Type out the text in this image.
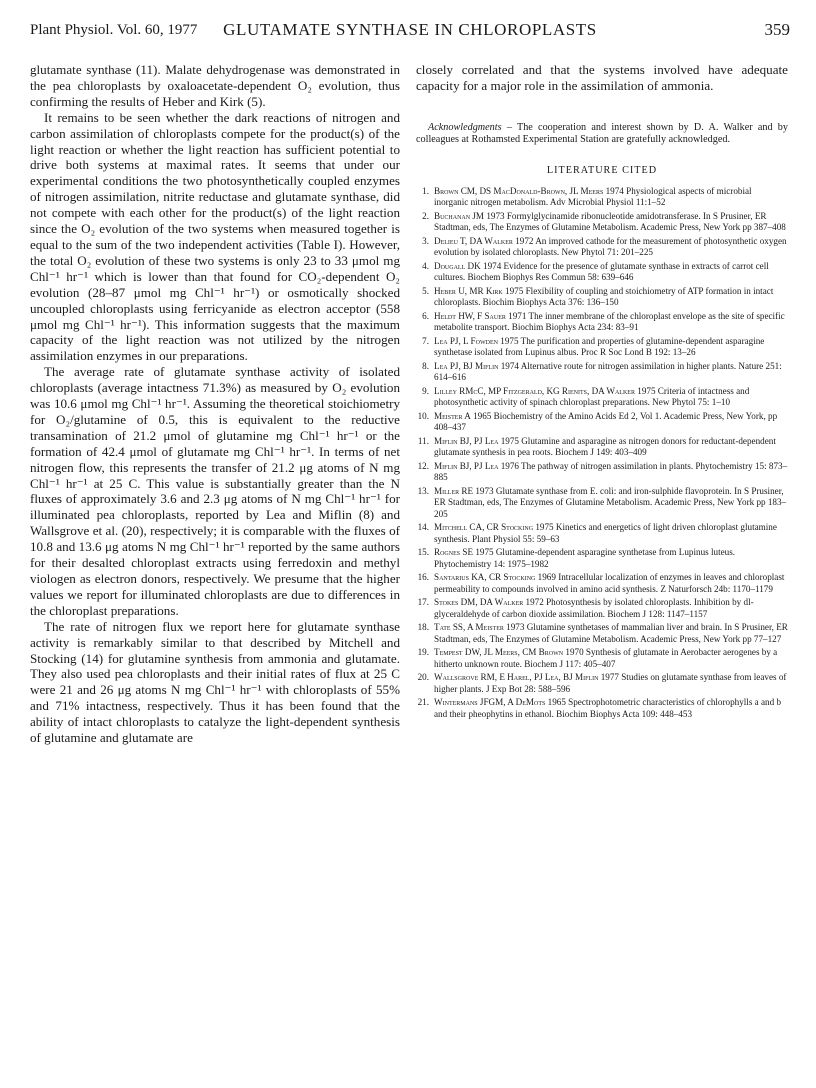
Plant Physiol. Vol. 60, 1977	GLUTAMATE SYNTHASE IN CHLOROPLASTS	359

glutamate synthase (11). Malate dehydrogenase was demonstrated in the pea chloroplasts by oxaloacetate-dependent O₂ evolution, thus confirming the results of Heber and Kirk (5).

It remains to be seen whether the dark reactions of nitrogen and carbon assimilation of chloroplasts compete for the product(s) of the light reaction or whether the light reaction has sufficient potential to drive both systems at maximal rates. It seems that under our experimental conditions the two photosynthetically coupled enzymes of nitrogen assimilation, nitrite reductase and glutamate synthase, did not compete with each other for the product(s) of the light reaction since the O₂ evolution of the two systems when measured together is equal to the sum of the two independent activities (Table I). However, the total O₂ evolution of these two systems is only 23 to 33 μmol mg Chl⁻¹ hr⁻¹ which is lower than that found for CO₂-dependent O₂ evolution (28–87 μmol mg Chl⁻¹ hr⁻¹) or osmotically shocked uncoupled chloroplasts using ferricyanide as electron acceptor (558 μmol mg Chl⁻¹ hr⁻¹). This information suggests that the maximum capacity of the light reaction was not utilized by the nitrogen assimilation enzymes in our preparations.

The average rate of glutamate synthase activity of isolated chloroplasts (average intactness 71.3%) as measured by O₂ evolution was 10.6 μmol mg Chl⁻¹ hr⁻¹. Assuming the theoretical stoichiometry for O₂/glutamine of 0.5, this is equivalent to the reductive transamination of 21.2 μmol of glutamine mg Chl⁻¹ hr⁻¹ or the formation of 42.4 μmol of glutamate mg Chl⁻¹ hr⁻¹. In terms of net nitrogen flow, this represents the transfer of 21.2 μg atoms of N mg Chl⁻¹ hr⁻¹ at 25 C. This value is substantially greater than the N fluxes of approximately 3.6 and 2.3 μg atoms of N mg Chl⁻¹ hr⁻¹ for illuminated pea chloroplasts, reported by Lea and Miflin (8) and Wallsgrove et al. (20), respectively; it is comparable with the fluxes of 10.8 and 13.6 μg atoms N mg Chl⁻¹ hr⁻¹ reported by the same authors for their desalted chloroplast extracts using ferredoxin and methyl viologen as electron donors, respectively. We presume that the higher values we report for illuminated chloroplasts are due to differences in the chloroplast preparations.

The rate of nitrogen flux we report here for glutamate synthase activity is remarkably similar to that described by Mitchell and Stocking (14) for glutamine synthesis from ammonia and glutamate. They also used pea chloroplasts and their initial rates of flux at 25 C were 21 and 26 μg atoms N mg Chl⁻¹ hr⁻¹ with chloroplasts of 55% and 71% intactness, respectively. Thus it has been found that the ability of intact chloroplasts to catalyze the light-dependent synthesis of glutamine and glutamate are

closely correlated and that the systems involved have adequate capacity for a major role in the assimilation of ammonia.

Acknowledgments – The cooperation and interest shown by D. A. Walker and by colleagues at Rothamsted Experimental Station are gratefully acknowledged.

LITERATURE CITED
1. Brown CM, DS MacDonald-Brown, JL Meers 1974 Physiological aspects of microbial inorganic nitrogen metabolism. Adv Microbial Physiol 11:1–52
2. Buchanan JM 1973 Formylglycinamide ribonucleotide amidotransferase. In S Prusiner, ER Stadtman, eds, The Enzymes of Glutamine Metabolism. Academic Press, New York pp 387–408
3. Delieu T, DA Walker 1972 An improved cathode for the measurement of photosynthetic oxygen evolution by isolated chloroplasts. New Phytol 71: 201–225
4. Dougall DK 1974 Evidence for the presence of glutamate synthase in extracts of carrot cell cultures. Biochem Biophys Res Commun 58: 639–646
5. Heber U, MR Kirk 1975 Flexibility of coupling and stoichiometry of ATP formation in intact chloroplasts. Biochim Biophys Acta 376: 136–150
6. Heldt HW, F Sauer 1971 The inner membrane of the chloroplast envelope as the site of specific metabolite transport. Biochim Biophys Acta 234: 83–91
7. Lea PJ, L Fowden 1975 The purification and properties of glutamine-dependent asparagine synthetase isolated from Lupinus albus. Proc R Soc Lond B 192: 13–26
8. Lea PJ, BJ Miflin 1974 Alternative route for nitrogen assimilation in higher plants. Nature 251: 614–616
9. Lilley RMcC, MP Fitzgerald, KG Rienits, DA Walker 1975 Criteria of intactness and photosynthetic activity of spinach chloroplast preparations. New Phytol 75: 1–10
10. Meister A 1965 Biochemistry of the Amino Acids Ed 2, Vol 1. Academic Press, New York, pp 408–437
11. Miflin BJ, PJ Lea 1975 Glutamine and asparagine as nitrogen donors for reductant-dependent glutamate synthesis in pea roots. Biochem J 149: 403–409
12. Miflin BJ, PJ Lea 1976 The pathway of nitrogen assimilation in plants. Phytochemistry 15: 873–885
13. Miller RE 1973 Glutamate synthase from E. coli: and iron-sulphide flavoprotein. In S Prusiner, ER Stadtman, eds, The Enzymes of Glutamine Metabolism. Academic Press, New York pp 183–205
14. Mitchell CA, CR Stocking 1975 Kinetics and energetics of light driven chloroplast glutamine synthesis. Plant Physiol 55: 59–63
15. Rognes SE 1975 Glutamine-dependent asparagine synthetase from Lupinus luteus. Phytochemistry 14: 1975–1982
16. Santarius KA, CR Stocking 1969 Intracellular localization of enzymes in leaves and chloroplast permeability to compounds involved in amino acid synthesis. Z Naturforsch 24b: 1170–1179
17. Stokes DM, DA Walker 1972 Photosynthesis by isolated chloroplasts. Inhibition by dl-glyceraldehyde of carbon dioxide assimilation. Biochem J 128: 1147–1157
18. Tate SS, A Meister 1973 Glutamine synthetases of mammalian liver and brain. In S Prusiner, ER Stadtman, eds, The Enzymes of Glutamine Metabolism. Academic Press, New York pp 77–127
19. Tempest DW, JL Meers, CM Brown 1970 Synthesis of glutamate in Aerobacter aerogenes by a hitherto unknown route. Biochem J 117: 405–407
20. Wallsgrove RM, E Harel, PJ Lea, BJ Miflin 1977 Studies on glutamate synthase from leaves of higher plants. J Exp Bot 28: 588–596
21. Wintermans JFGM, A DeMots 1965 Spectrophotometric characteristics of chlorophylls a and b and their pheophytins in ethanol. Biochim Biophys Acta 109: 448–453
